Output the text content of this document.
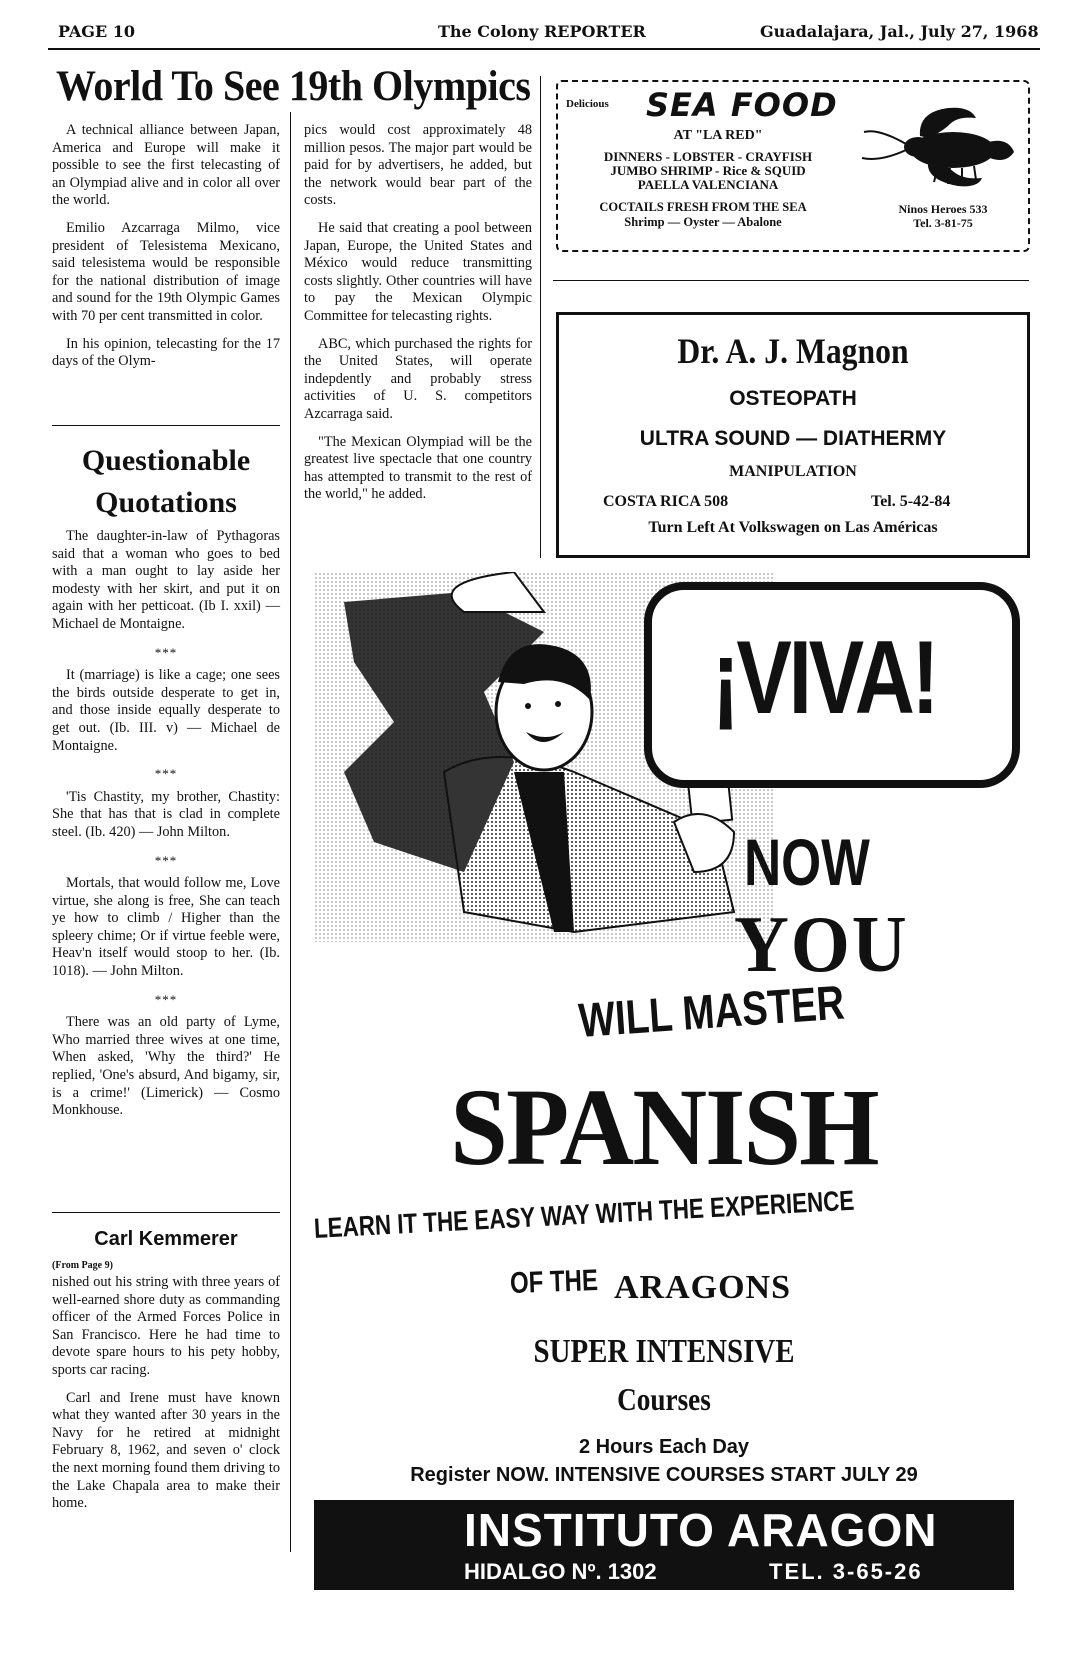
PAGE 10	The Colony REPORTER	Guadalajara, Jal., July 27, 1968
World To See 19th Olympics

A technical alliance between Japan, America and Europe will make it possible to see the first telecasting of an Olympiad alive and in color all over the world.

Emilio Azcarraga Milmo, vice president of Telesistema Mexicano, said telesistema would be responsible for the national distribution of image and sound for the 19th Olympic Games with 70 per cent transmitted in color.

In his opinion, telecasting for the 17 days of the Olym-

pics would cost approximately 48 million pesos. The major part would be paid for by advertisers, he added, but the network would bear part of the costs.

He said that creating a pool between Japan, Europe, the United States and México would reduce transmitting costs slightly. Other countries will have to pay the Mexican Olympic Committee for telecasting rights.

ABC, which purchased the rights for the United States, will operate indepdently and probably stress activities of U. S. competitors Azcarraga said.

"The Mexican Olympiad will be the greatest live spectacle that one country has attempted to transmit to the rest of the world," he added.

Questionable
Quotations

The daughter-in-law of Pythagoras said that a woman who goes to bed with a man ought to lay aside her modesty with her skirt, and put it on again with her petticoat. (Ib I. xxil) — Michael de Montaigne.

***

It (marriage) is like a cage; one sees the birds outside desperate to get in, and those inside equally desperate to get out. (Ib. III. v) — Michael de Montaigne.

***

'Tis Chastity, my brother, Chastity: She that has that is clad in complete steel. (Ib. 420) — John Milton.

***

Mortals, that would follow me, Love virtue, she along is free, She can teach ye how to climb / Higher than the spleery chime; Or if virtue feeble were, Heav'n itself would stoop to her. (Ib. 1018). — John Milton.

***

There was an old party of Lyme, Who married three wives at one time, When asked, 'Why the third?' He replied, 'One's absurd, And bigamy, sir, is a crime!' (Limerick) — Cosmo Monkhouse.

Carl Kemmerer
(From Page 9)

nished out his string with three years of well-earned shore duty as commanding officer of the Armed Forces Police in San Francisco. Here he had time to devote spare hours to his pety hobby, sports car racing.

Carl and Irene must have known what they wanted after 30 years in the Navy for he retired at midnight February 8, 1962, and seven o' clock the next morning found them driving to the Lake Chapala area to make their home.

Delicious SEA FOOD
AT "LA RED"
DINNERS - LOBSTER - CRAYFISH
JUMBO SHRIMP - Rice & SQUID
PAELLA VALENCIANA
COCTAILS FRESH FROM THE SEA
Shrimp — Oyster — Abalone
Ninos Heroes 533
Tel. 3-81-75
Dr. A. J. Magnon
OSTEOPATH
ULTRA SOUND — DIATHERMY
MANIPULATION
COSTA RICA 508	Tel. 5-42-84
Turn Left At Volkswagen on Las Américas
¡VIVA!
NOW
YOU
WILL MASTER
SPANISH
LEARN IT THE EASY WAY WITH THE EXPERIENCE
OF THE ARAGONS
SUPER INTENSIVE
Courses
2 Hours Each Day
Register NOW. INTENSIVE COURSES START JULY 29
INSTITUTO ARAGON
HIDALGO Nº. 1302	TEL. 3-65-26
